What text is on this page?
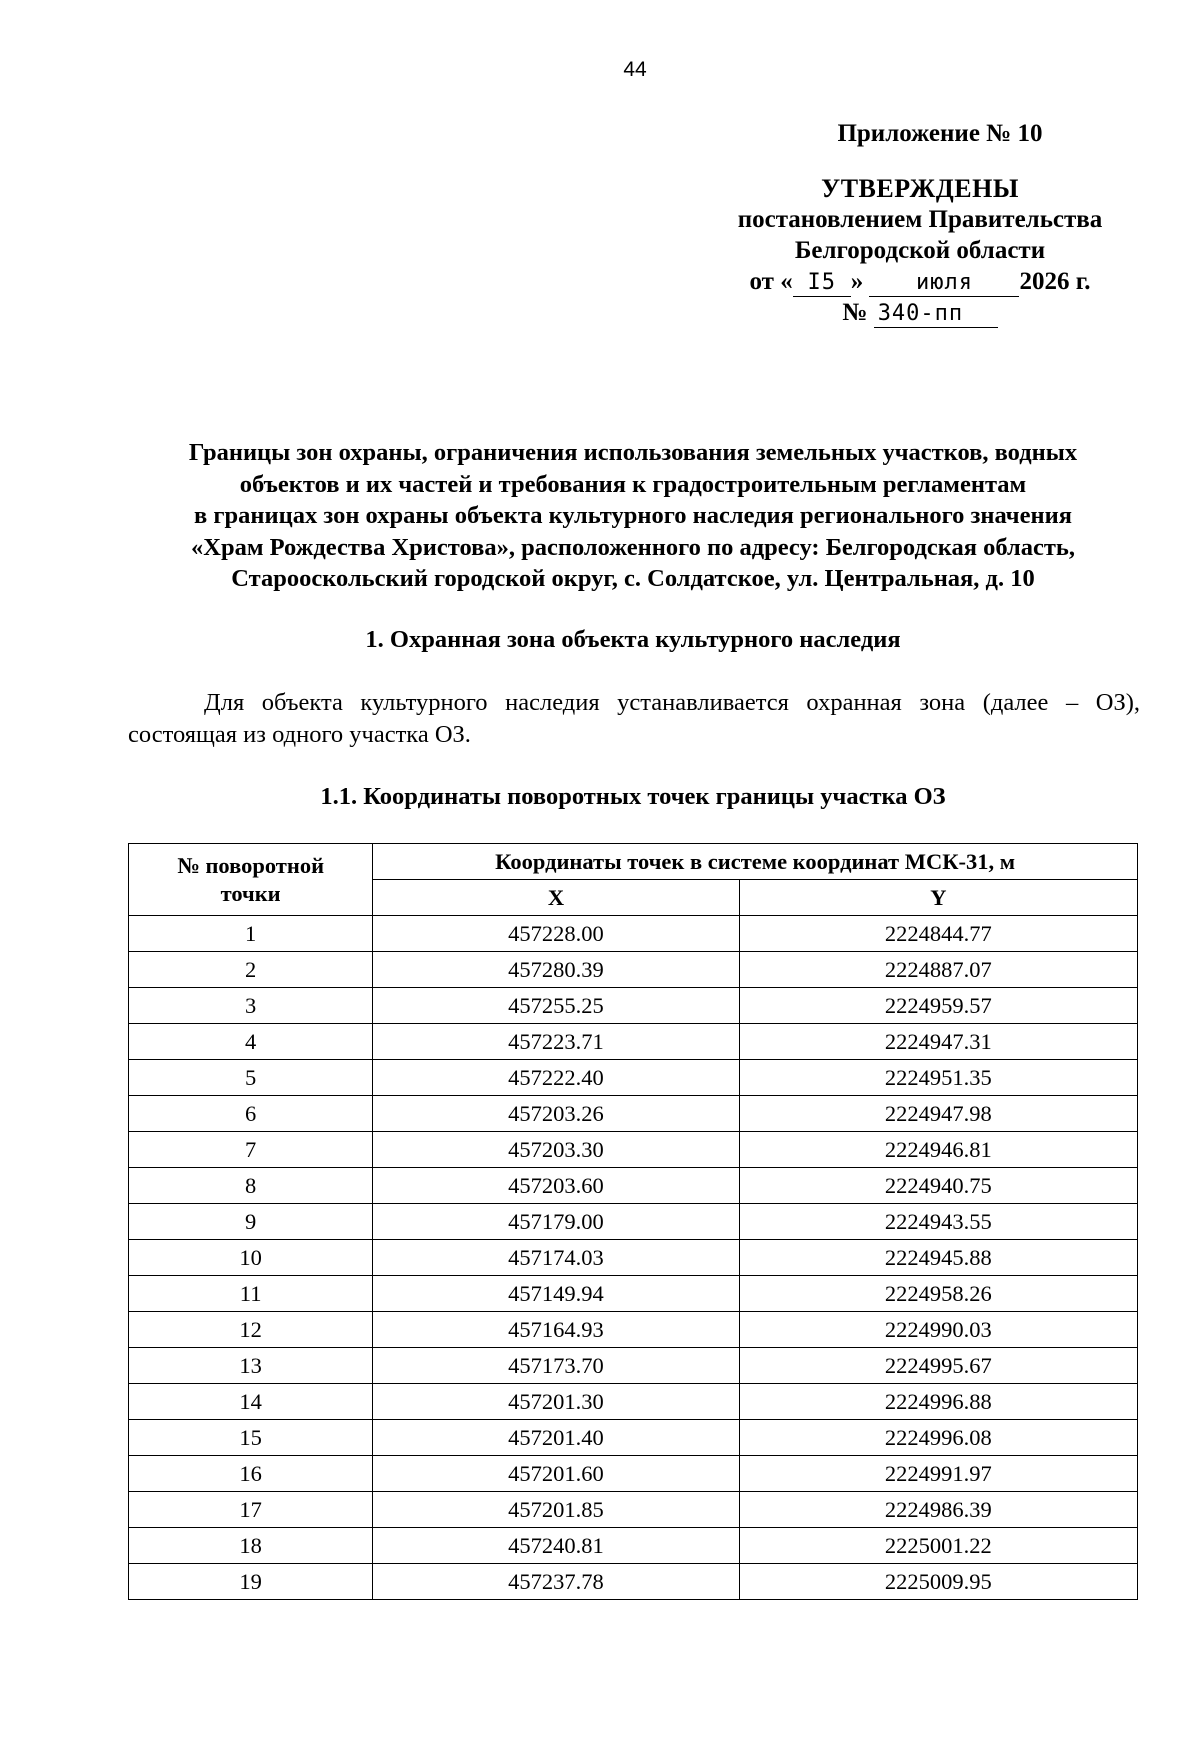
44
Приложение № 10
УТВЕРЖДЕНЫ
постановлением Правительства
Белгородской области
от « I5 » июля 2026 г.
№ 340-пп
Границы зон охраны, ограничения использования земельных участков, водных
объектов и их частей и требования к градостроительным регламентам
в границах зон охраны объекта культурного наследия регионального значения
«Храм Рождества Христова», расположенного по адресу: Белгородская область,
Старооскольский городской округ, с. Солдатское, ул. Центральная, д. 10
1. Охранная зона объекта культурного наследия
Для объекта культурного наследия устанавливается охранная зона (далее – ОЗ), состоящая из одного участка ОЗ.
1.1. Координаты поворотных точек границы участка ОЗ
№ поворотной
точки	Координаты точек в системе координат МСК-31, м	
	X	Y
1	457228.00	2224844.77
2	457280.39	2224887.07
3	457255.25	2224959.57
4	457223.71	2224947.31
5	457222.40	2224951.35
6	457203.26	2224947.98
7	457203.30	2224946.81
8	457203.60	2224940.75
9	457179.00	2224943.55
10	457174.03	2224945.88
11	457149.94	2224958.26
12	457164.93	2224990.03
13	457173.70	2224995.67
14	457201.30	2224996.88
15	457201.40	2224996.08
16	457201.60	2224991.97
17	457201.85	2224986.39
18	457240.81	2225001.22
19	457237.78	2225009.95
